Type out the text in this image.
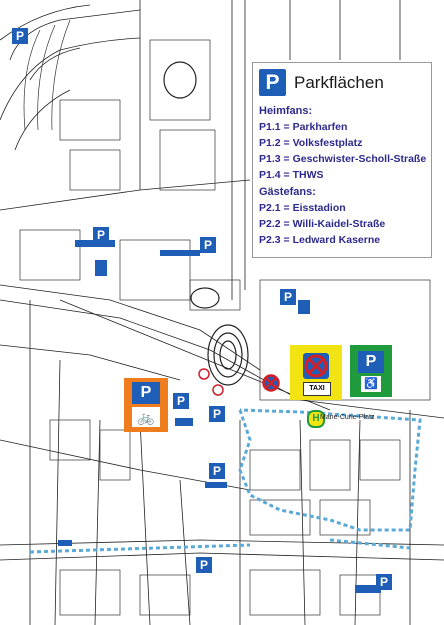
P
P
P
P
P
P
P
P
P
P
🚲
TAXI
P
♿
H Marie-Curie-Platz
P Parkflächen
Heimfans:
P1.1 = Parkharfen
P1.2 = Volksfestplatz
P1.3 = Geschwister-Scholl-Straße
P1.4 = THWS
Gästefans:
P2.1 = Eisstadion
P2.2 = Willi-Kaidel-Straße
P2.3 = Ledward Kaserne
